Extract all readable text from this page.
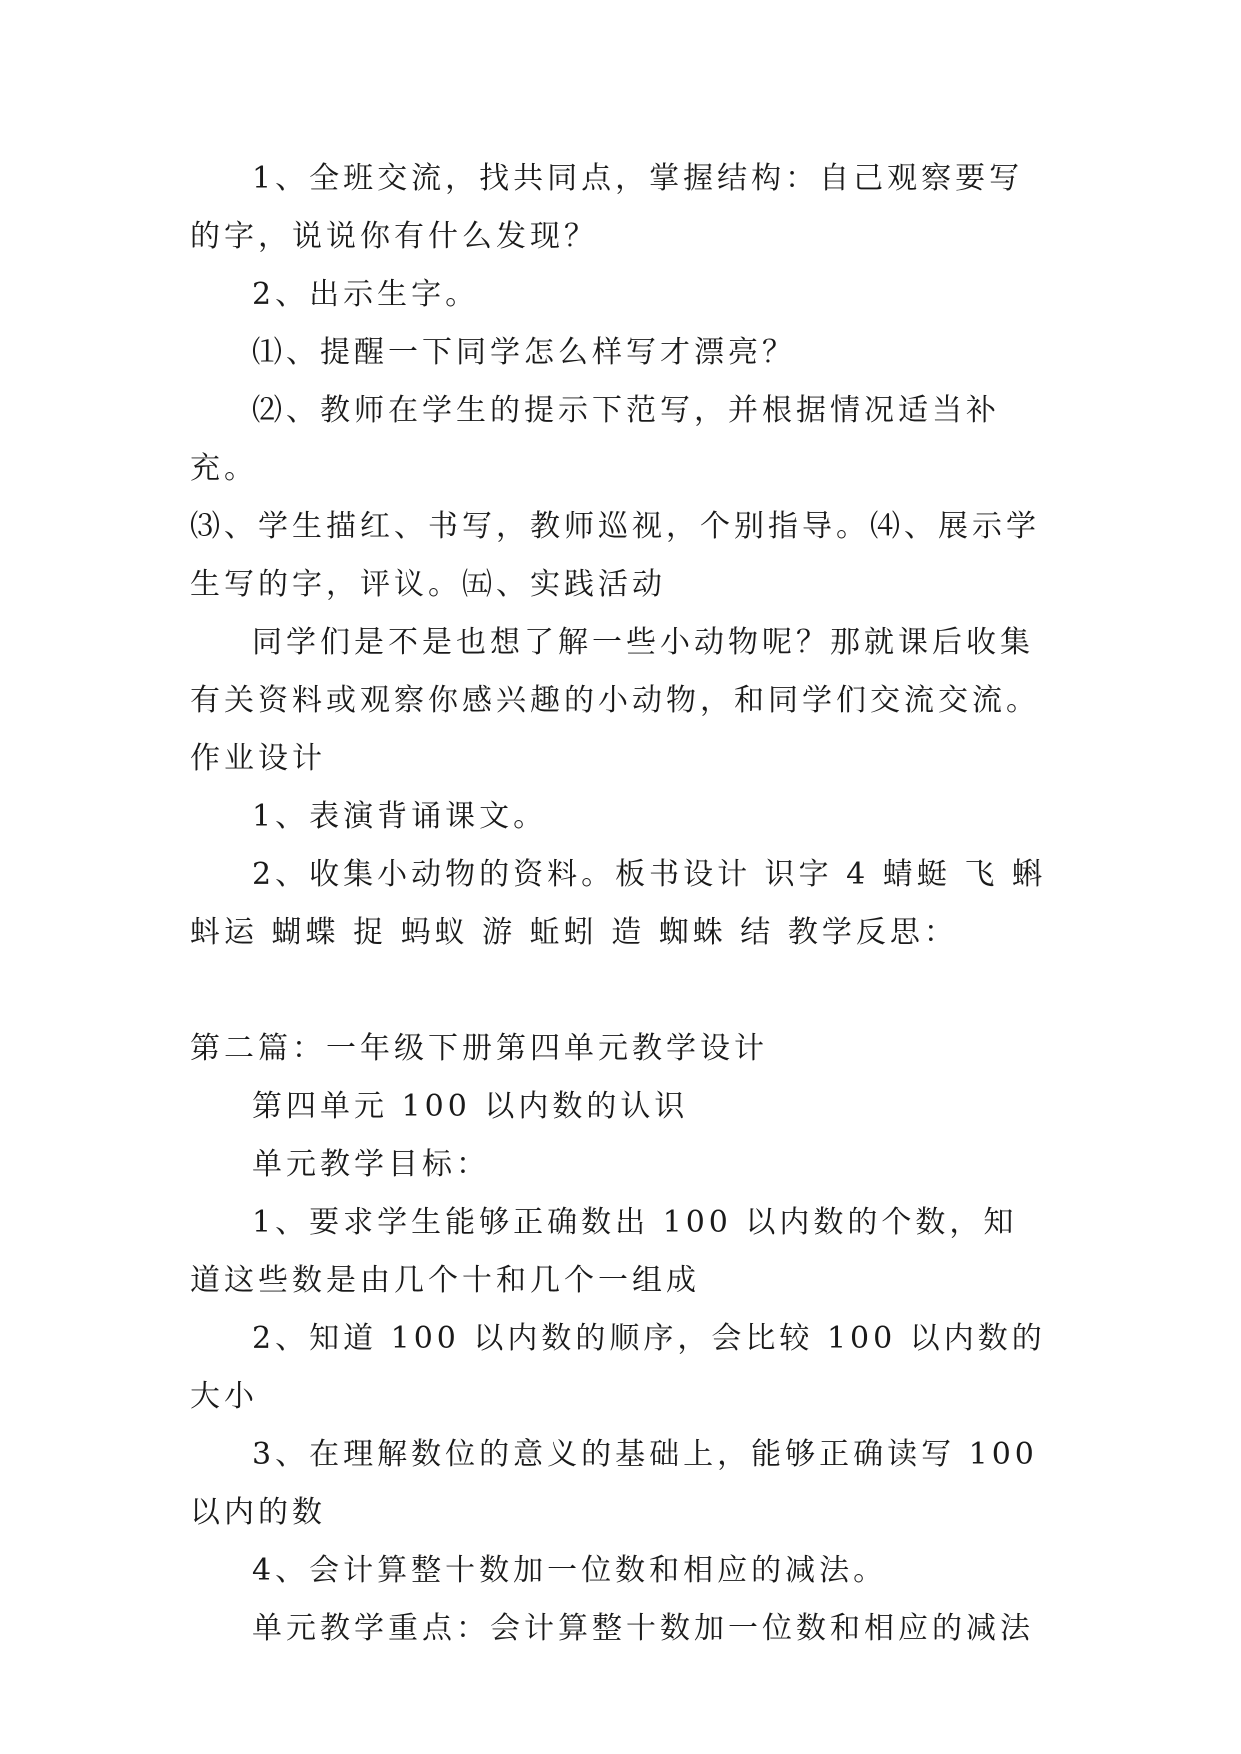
1、全班交流，找共同点，掌握结构：自己观察要写的字，说说你有什么发现？

2、出示生字。

⑴、提醒一下同学怎么样写才漂亮？

⑵、教师在学生的提示下范写，并根据情况适当补充。

⑶、学生描红、书写，教师巡视，个别指导。⑷、展示学生写的字，评议。㈤、实践活动

同学们是不是也想了解一些小动物呢？那就课后收集有关资料或观察你感兴趣的小动物，和同学们交流交流。作业设计

1、表演背诵课文。

2、收集小动物的资料。板书设计 识字 4 蜻蜓 飞 蝌蚪运 蝴蝶 捉 蚂蚁 游 蚯蚓 造 蜘蛛 结 教学反思：

第二篇：一年级下册第四单元教学设计

第四单元 100 以内数的认识

单元教学目标：

1、要求学生能够正确数出 100 以内数的个数，知道这些数是由几个十和几个一组成

2、知道 100 以内数的顺序，会比较 100 以内数的大小

3、在理解数位的意义的基础上，能够正确读写 100 以内的数

4、会计算整十数加一位数和相应的减法。

单元教学重点：会计算整十数加一位数和相应的减法
